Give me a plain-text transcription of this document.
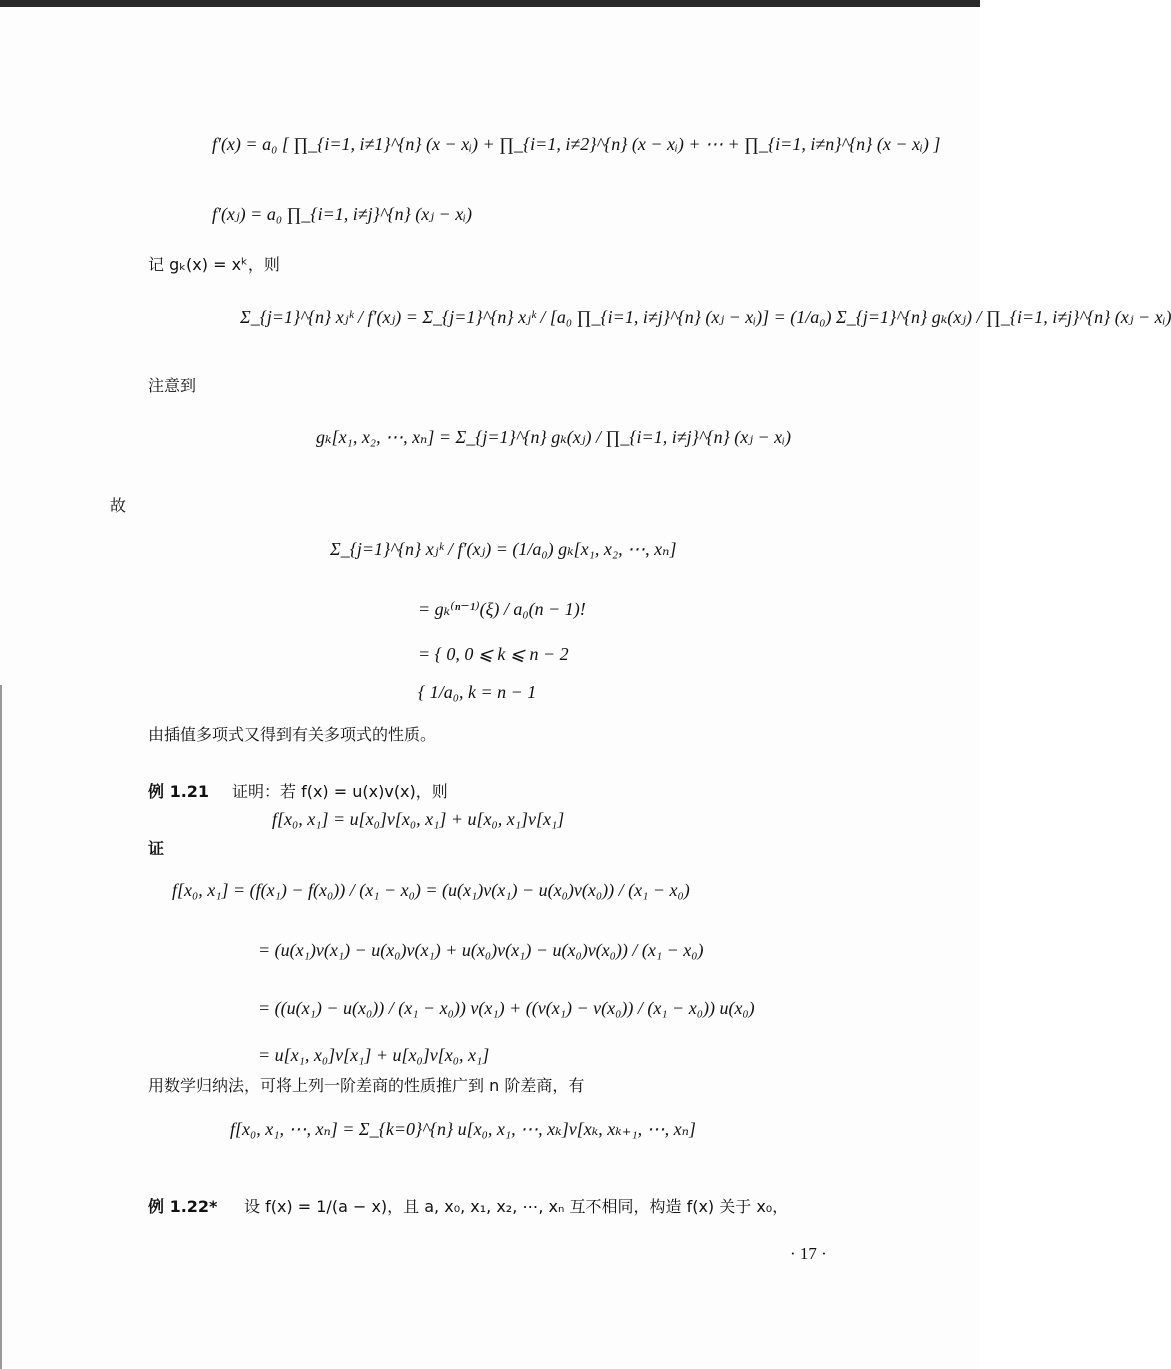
f′(x) = a₀ [ ∏_{i=1, i≠1}^{n} (x − xᵢ) + ∏_{i=1, i≠2}^{n} (x − xᵢ) + ⋯ + ∏_{i=1, i≠n}^{n} (x − xᵢ) ]
f′(xⱼ) = a₀ ∏_{i=1, i≠j}^{n} (xⱼ − xᵢ)
记 gₖ(x) = xᵏ，则
Σ_{j=1}^{n} xⱼᵏ / f′(xⱼ) = Σ_{j=1}^{n} xⱼᵏ / [a₀ ∏_{i=1, i≠j}^{n} (xⱼ − xᵢ)] = (1/a₀) Σ_{j=1}^{n} gₖ(xⱼ) / ∏_{i=1, i≠j}^{n} (xⱼ − xᵢ)
注意到
gₖ[x₁, x₂, ⋯, xₙ] = Σ_{j=1}^{n} gₖ(xⱼ) / ∏_{i=1, i≠j}^{n} (xⱼ − xᵢ)
故
Σ_{j=1}^{n} xⱼᵏ / f′(xⱼ) = (1/a₀) gₖ[x₁, x₂, ⋯, xₙ]
= gₖ⁽ⁿ⁻¹⁾(ξ) / a₀(n − 1)!
= { 0, 0 ⩽ k ⩽ n − 2
{ 1/a₀, k = n − 1
由插值多项式又得到有关多项式的性质。
例 1.21 证明：若 f(x) = u(x)v(x)，则
f[x₀, x₁] = u[x₀]v[x₀, x₁] + u[x₀, x₁]v[x₁]
证
f[x₀, x₁] = (f(x₁) − f(x₀)) / (x₁ − x₀) = (u(x₁)v(x₁) − u(x₀)v(x₀)) / (x₁ − x₀)
= (u(x₁)v(x₁) − u(x₀)v(x₁) + u(x₀)v(x₁) − u(x₀)v(x₀)) / (x₁ − x₀)
= ((u(x₁) − u(x₀)) / (x₁ − x₀)) v(x₁) + ((v(x₁) − v(x₀)) / (x₁ − x₀)) u(x₀)
= u[x₁, x₀]v[x₁] + u[x₀]v[x₀, x₁]
用数学归纳法，可将上列一阶差商的性质推广到 n 阶差商，有
f[x₀, x₁, ⋯, xₙ] = Σ_{k=0}^{n} u[x₀, x₁, ⋯, xₖ]v[xₖ, xₖ₊₁, ⋯, xₙ]
例 1.22* 设 f(x) = 1/(a − x)，且 a, x₀, x₁, x₂, ⋯, xₙ 互不相同，构造 f(x) 关于 x₀，
· 17 ·
